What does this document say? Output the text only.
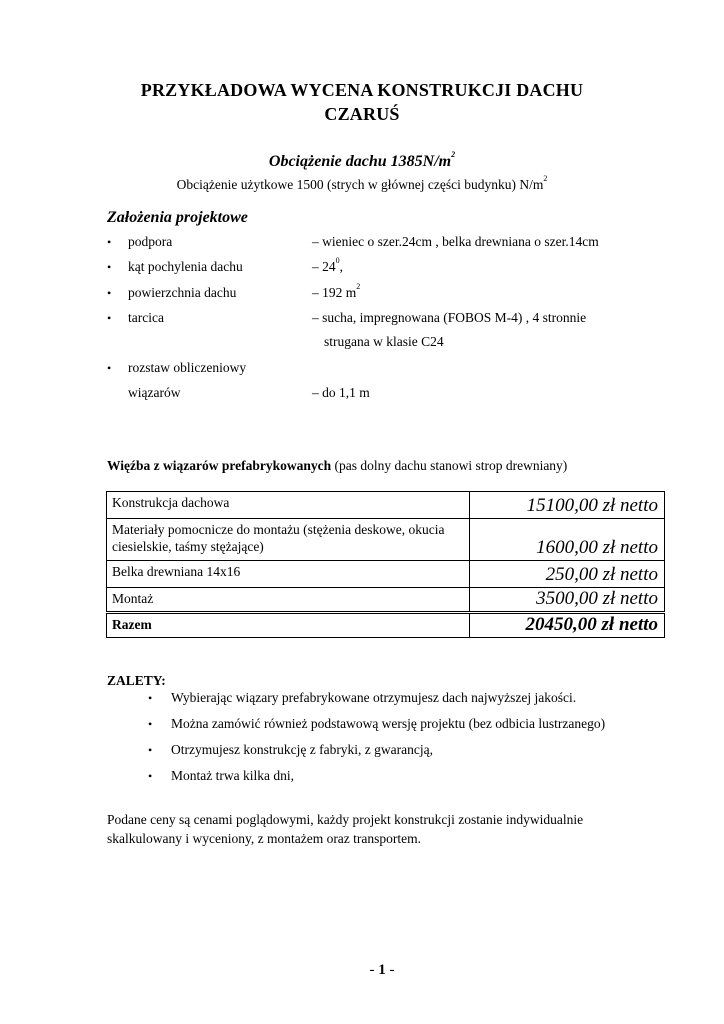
PRZYKŁADOWA WYCENA KONSTRUKCJI DACHU
CZARUŚ
Obciążenie dachu $1385N/m^2$
Obciążenie użytkowe 1500 (strych w głównej części budynku) $N/m^2$
Założenia projektowe
• podpora	– wieniec o szer.24cm , belka drewniana o szer.14cm
• kąt pochylenia dachu	– $24^0$,
• powierzchnia dachu	– 192 $m^2$
• tarcica	– sucha, impregnowana (FOBOS M-4) , 4 stronnie
strugana w klasie C24
• rozstaw obliczeniowy
wiązarów	– do 1,1 m
Więźba z wiązarów prefabrykowanych (pas dolny dachu stanowi strop drewniany)
Konstrukcja dachowa	15100,00 zł netto
Materiały pomocnicze do montażu (stężenia deskowe, okucia ciesielskie, taśmy stężające)	1600,00 zł netto
Belka drewniana 14x16	250,00 zł netto
Montaż	3500,00 zł netto
Razem	20450,00 zł netto
ZALETY:
• Wybierając wiązary prefabrykowane otrzymujesz dach najwyższej jakości.
• Można zamówić również podstawową wersję projektu (bez odbicia lustrzanego)
• Otrzymujesz konstrukcję z fabryki, z gwarancją,
• Montaż trwa kilka dni,
Podane ceny są cenami poglądowymi, każdy projekt konstrukcji zostanie indywidualnie skalkulowany i wyceniony, z montażem oraz transportem.
- 1 -
